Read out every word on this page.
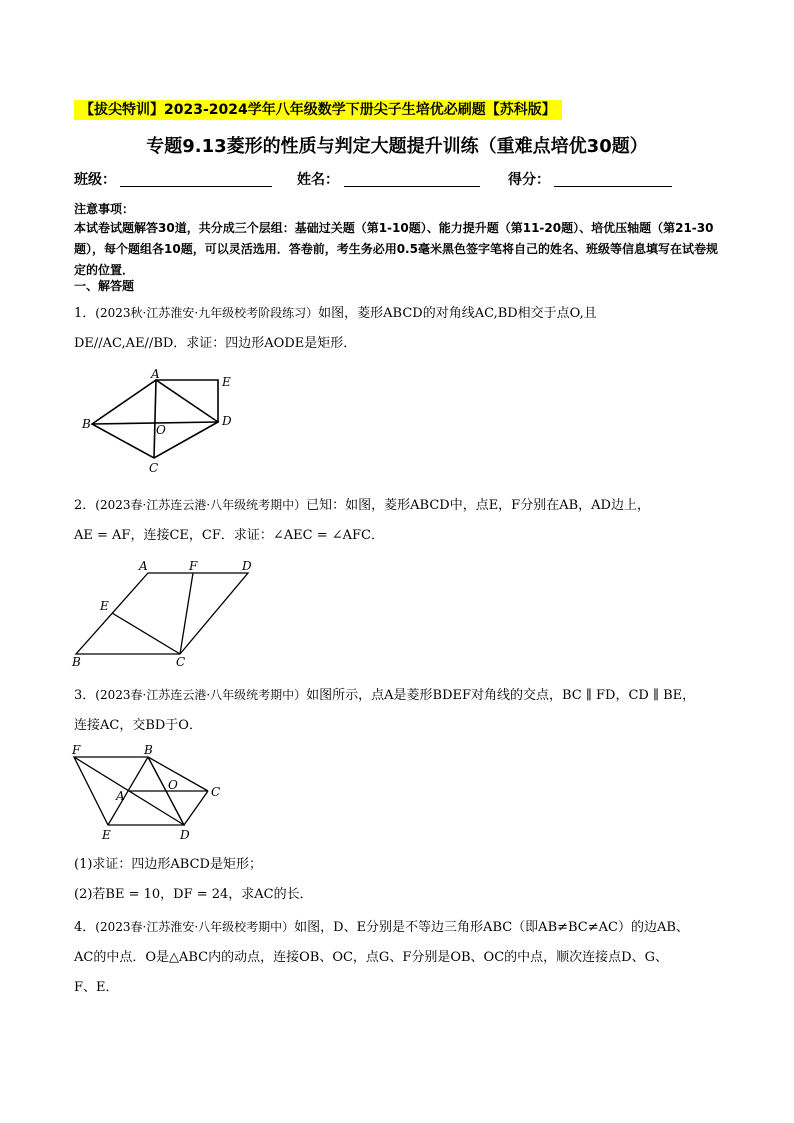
【拔尖特训】2023-2024学年八年级数学下册尖子生培优必刷题【苏科版】
专题9.13菱形的性质与判定大题提升训练（重难点培优30题）
班级：	姓名：	得分：
注意事项：
本试卷试题解答30道，共分成三个层组：基础过关题（第1-10题）、能力提升题（第11-20题）、培优压轴题（第21-30题），每个题组各10题，可以灵活选用．答卷前，考生务必用0.5毫米黑色签字笔将自己的姓名、班级等信息填写在试卷规定的位置．
一、解答题
1．(2023秋·江苏淮安·九年级校考阶段练习）如图，菱形ABCD的对角线AC,BD相交于点O,且
DE//AC,AE//BD．求证：四边形AODE是矩形．
A
E
B	O
D
C
2．(2023春·江苏连云港·八年级统考期中）已知：如图，菱形ABCD中，点E，F分别在AB，AD边上，
AE = AF，连接CE，CF．求证：∠AEC = ∠AFC．
A	F	D
E
B	C
3．(2023春·江苏连云港·八年级统考期中）如图所示，点A是菱形BDEF对角线的交点，BC ∥ FD，CD ∥ BE，
连接AC，交BD于O．
F	B
O	C
A
E	D
(1)求证：四边形ABCD是矩形；
(2)若BE = 10，DF = 24，求AC的长．
4．(2023春·江苏淮安·八年级校考期中）如图，D、E分别是不等边三角形ABC（即AB≠BC≠AC）的边AB、
AC的中点．O是△ABC内的动点，连接OB、OC，点G、F分别是OB、OC的中点，顺次连接点D、G、
F、E．
